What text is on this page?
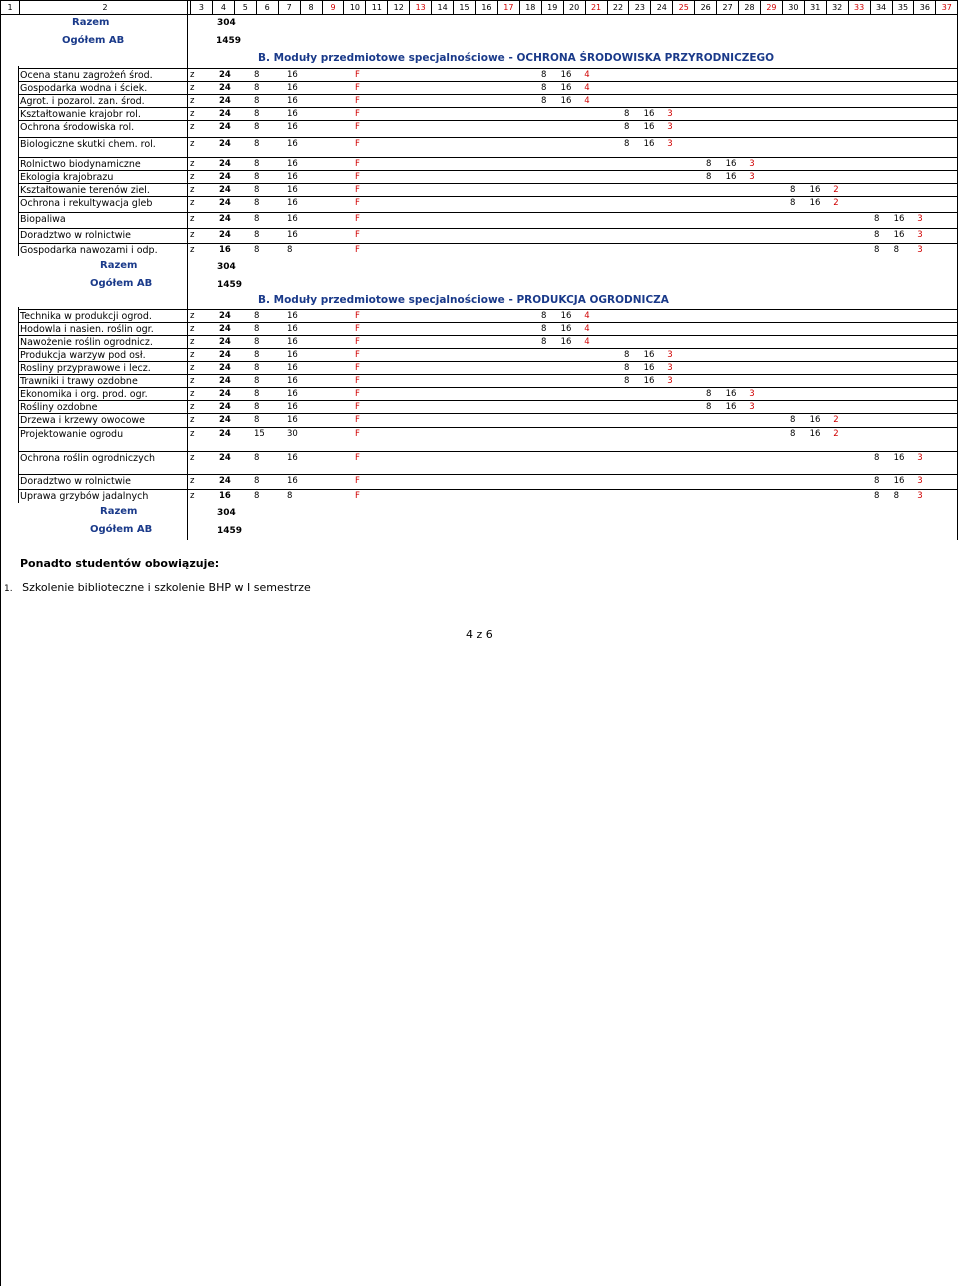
1	2	3	4	5	6	7	8	9	10	11	12	13	14	15	16	17	18	19	20	21	22	23	24	25	26	27	28	29	30	31	32	33	34	35	36	37
Razem	304
Ogółem AB	1459
B. Moduły przedmiotowe specjalnościowe - OCHRONA ŚRODOWISKA PRZYRODNICZEGO
Ocena stanu zagrożeń środ.	z	24	8	16	F	8 16 4
Gospodarka wodna i ściek.	z	24	8	16	F	8 16 4
Agrot. i pozarol. zan. środ.	z	24	8	16	F	8 16 4
Kształtowanie krajobr rol.	z	24	8	16	F	8 16 3
Ochrona środowiska rol.	z	24	8	16	F	8 16 3
Biologiczne skutki chem. rol.	z	24	8	16	F	8 16 3
Rolnictwo biodynamiczne	z	24	8	16	F	8 16 3
Ekologia krajobrazu	z	24	8	16	F	8 16 3
Kształtowanie terenów ziel.	z	24	8	16	F	8 16 2
Ochrona i rekultywacja gleb	z	24	8	16	F	8 16 2
Biopaliwa	z	24	8	16	F	8 16 3
Doradztwo w rolnictwie	z	24	8	16	F	8 16 3
Gospodarka nawozami i odp.	z	16	8	8	F	8 8 3
Razem	304
Ogółem AB	1459
B. Moduły przedmiotowe specjalnościowe - PRODUKCJA OGRODNICZA
Technika w produkcji ogrod.	z	24	8	16	F	8 16 4
Hodowla i nasien. roślin ogr.	z	24	8	16	F	8 16 4
Nawożenie roślin ogrodnicz.	z	24	8	16	F	8 16 4
Produkcja warzyw pod osł.	z	24	8	16	F	8 16 3
Rosliny przyprawowe i lecz.	z	24	8	16	F	8 16 3
Trawniki i trawy ozdobne	z	24	8	16	F	8 16 3
Ekonomika i org. prod. ogr.	z	24	8	16	F	8 16 3
Rośliny ozdobne	z	24	8	16	F	8 16 3
Drzewa i krzewy owocowe	z	24	8	16	F	8 16 2
Projektowanie ogrodu	z	24	15	30	F	8 16 2
Ochrona roślin ogrodniczych	z	24	8	16	F	8 16 3
Doradztwo w rolnictwie	z	24	8	16	F	8 16 3
Uprawa grzybów jadalnych	z	16	8	8	F	8 8 3
Razem	304
Ogółem AB	1459
Ponadto studentów obowiązuje:
1. Szkolenie biblioteczne i szkolenie BHP w I semestrze
4 z 6
